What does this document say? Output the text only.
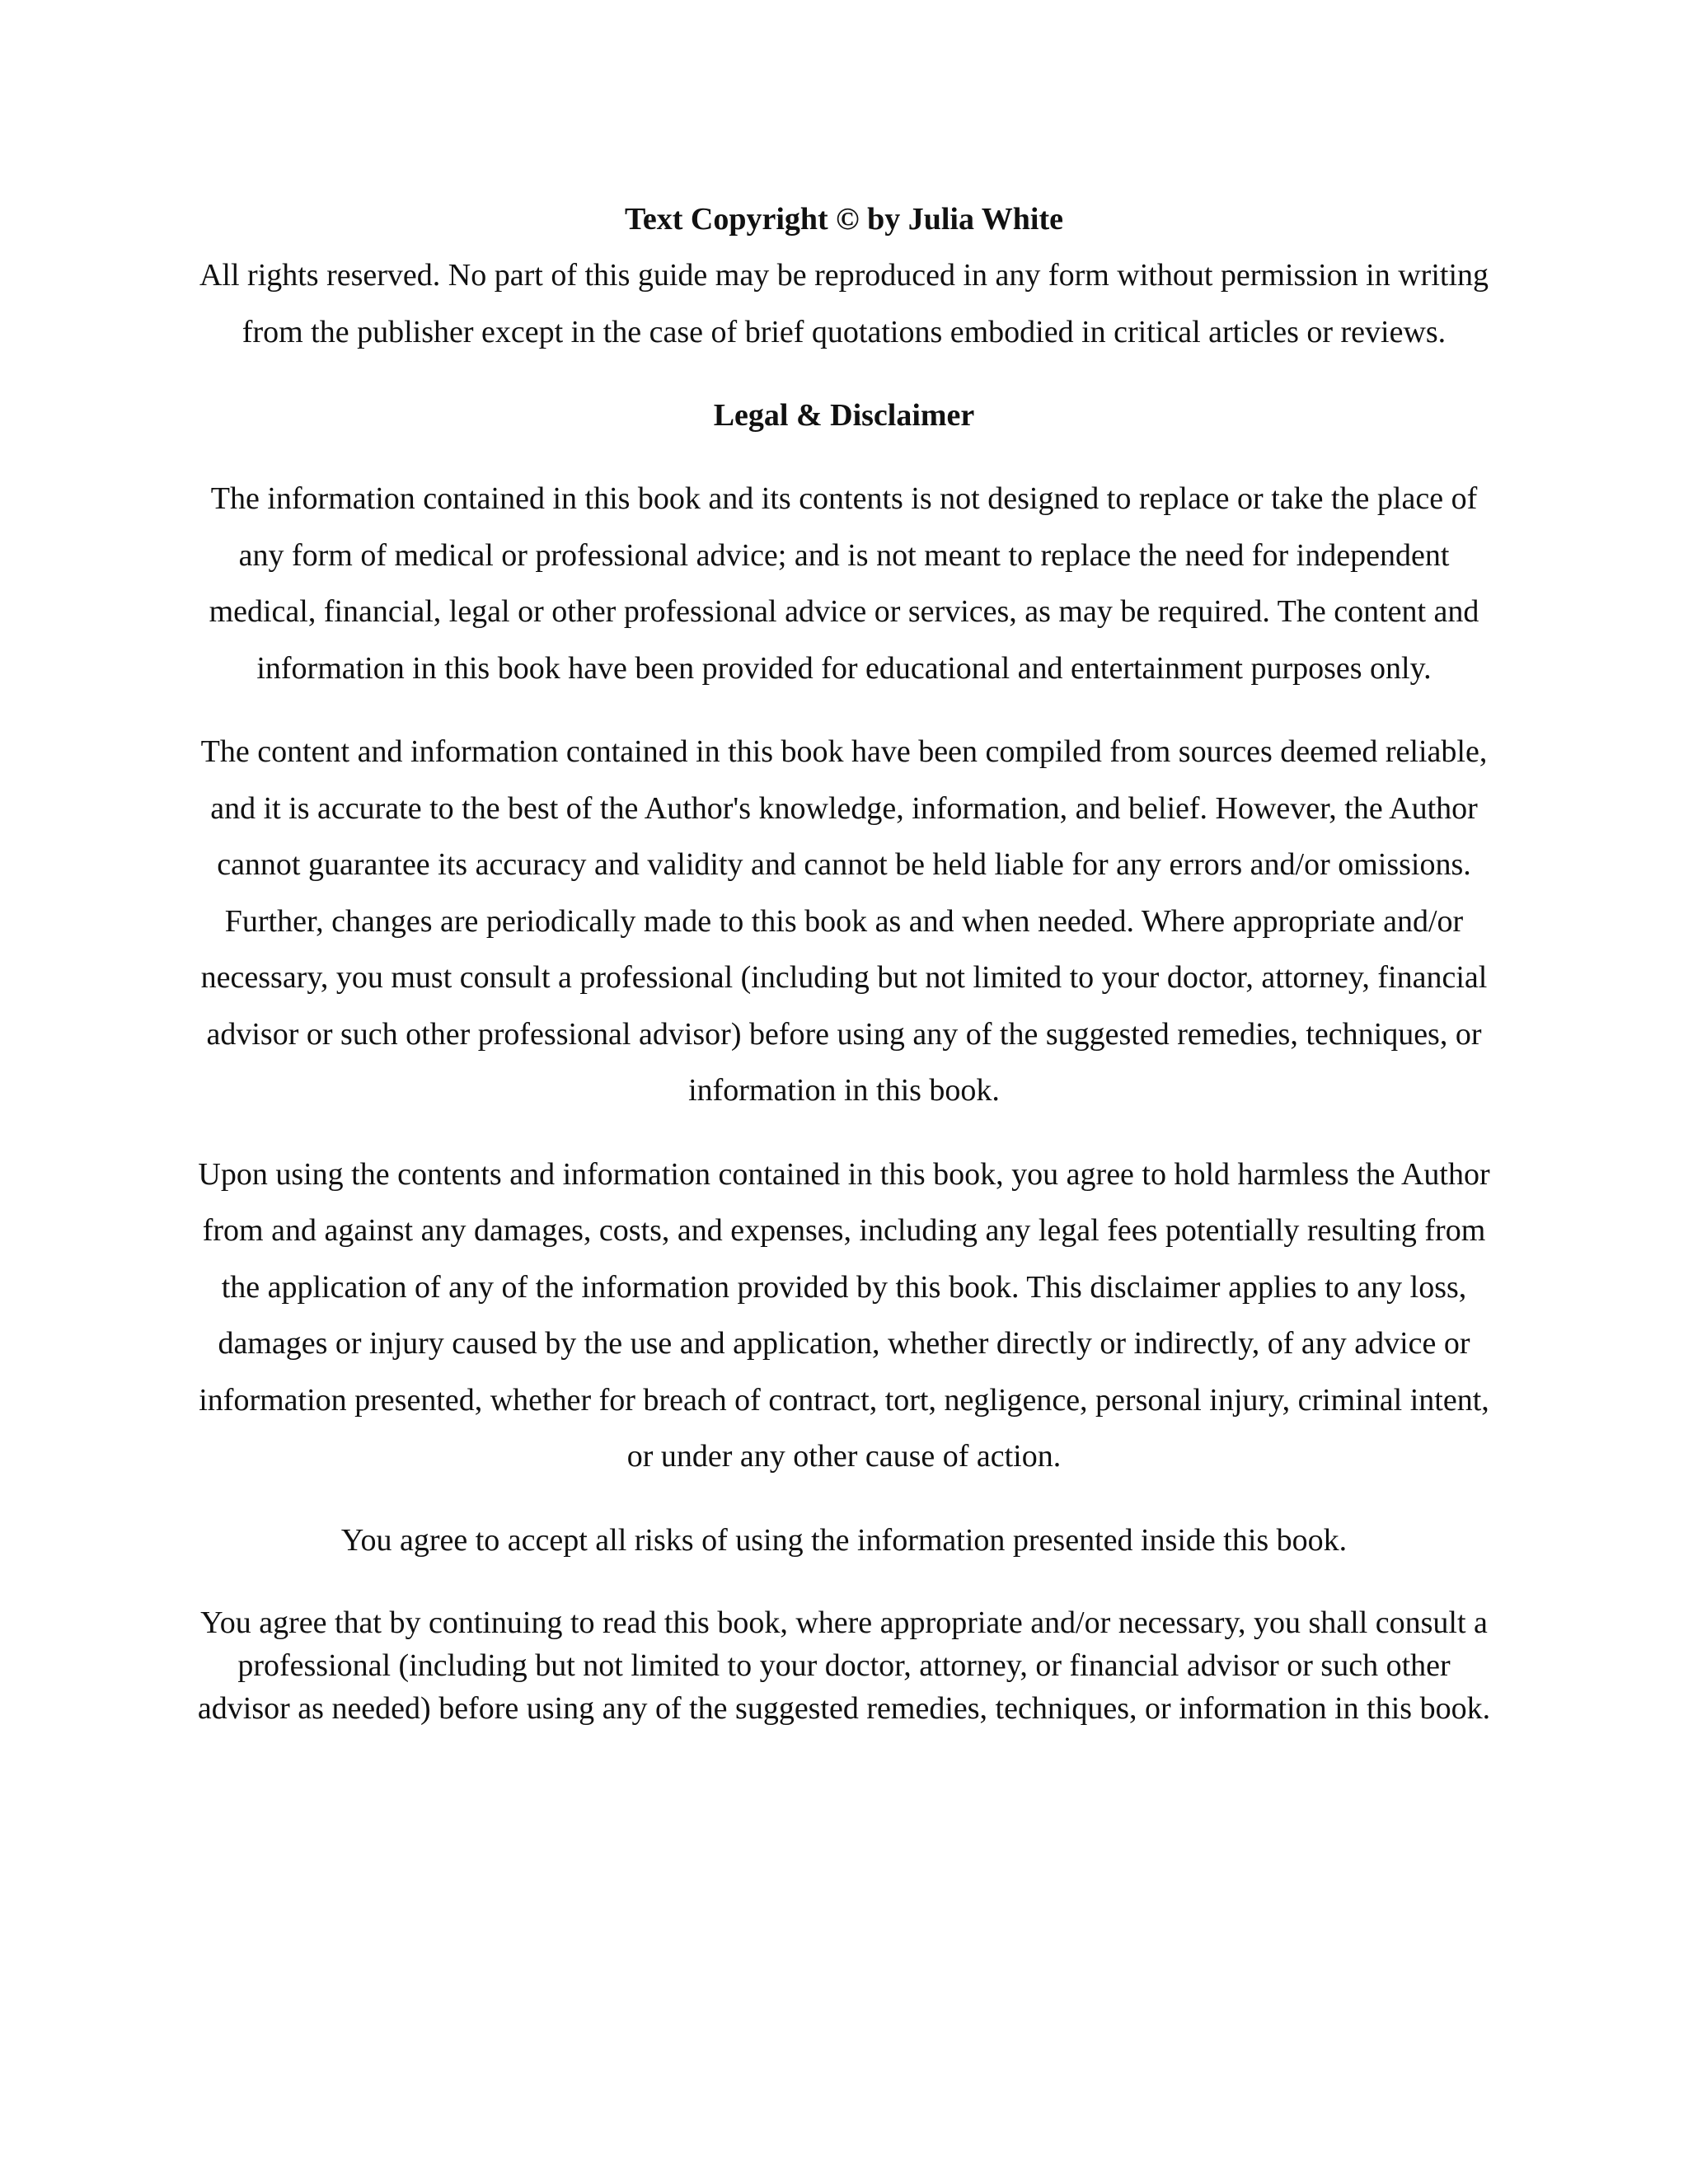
Text Copyright © by Julia White

All rights reserved. No part of this guide may be reproduced in any form without permission in writing from the publisher except in the case of brief quotations embodied in critical articles or reviews.

Legal & Disclaimer

The information contained in this book and its contents is not designed to replace or take the place of any form of medical or professional advice; and is not meant to replace the need for independent medical, financial, legal or other professional advice or services, as may be required. The content and information in this book have been provided for educational and entertainment purposes only.

The content and information contained in this book have been compiled from sources deemed reliable, and it is accurate to the best of the Author's knowledge, information, and belief. However, the Author cannot guarantee its accuracy and validity and cannot be held liable for any errors and/or omissions. Further, changes are periodically made to this book as and when needed. Where appropriate and/or necessary, you must consult a professional (including but not limited to your doctor, attorney, financial advisor or such other professional advisor) before using any of the suggested remedies, techniques, or information in this book.

Upon using the contents and information contained in this book, you agree to hold harmless the Author from and against any damages, costs, and expenses, including any legal fees potentially resulting from the application of any of the information provided by this book. This disclaimer applies to any loss, damages or injury caused by the use and application, whether directly or indirectly, of any advice or information presented, whether for breach of contract, tort, negligence, personal injury, criminal intent, or under any other cause of action.

You agree to accept all risks of using the information presented inside this book.

You agree that by continuing to read this book, where appropriate and/or necessary, you shall consult a professional (including but not limited to your doctor, attorney, or financial advisor or such other advisor as needed) before using any of the suggested remedies, techniques, or information in this book.
